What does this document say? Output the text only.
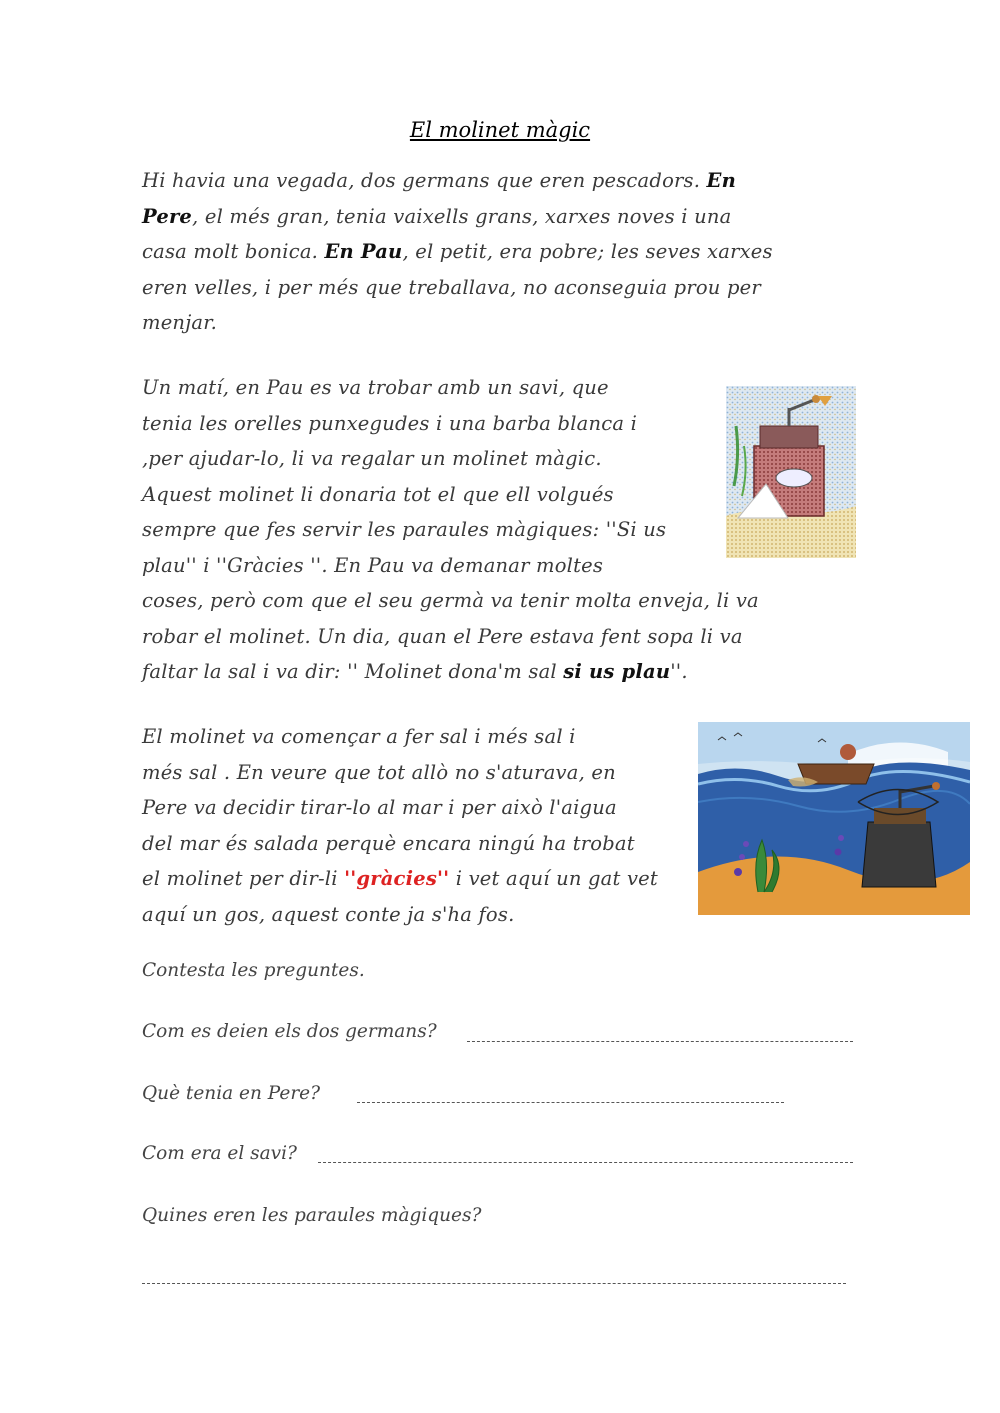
El molinet màgic
Hi havia una vegada, dos germans que eren pescadors. En
Pere, el més gran, tenia vaixells grans, xarxes noves i una
casa molt bonica. En Pau, el petit, era pobre; les seves xarxes
eren velles, i per més que treballava, no aconseguia prou per
menjar.
Un matí, en Pau es va trobar amb un savi, que
tenia les orelles punxegudes i una barba blanca i
,per ajudar-lo, li va regalar un molinet màgic.
Aquest molinet li donaria tot el que ell volgués
sempre que fes servir les paraules màgiques: ''Si us
plau'' i ''Gràcies ''. En Pau va demanar moltes
coses, però com que el seu germà va tenir molta enveja, li va
robar el molinet. Un dia, quan el Pere estava fent sopa li va
faltar la sal i va dir: '' Molinet dona'm sal si us plau''.
El molinet va començar a fer sal i més sal i
més sal . En veure que tot allò no s'aturava, en
Pere va decidir tirar-lo al mar i per això l'aigua
del mar és salada perquè encara ningú ha trobat
el molinet per dir-li ''gràcies'' i vet aquí un gat vet
aquí un gos, aquest conte ja s'ha fos.
Contesta les preguntes.
Com es deien els dos germans?
Què tenia en Pere?
Com era el savi?
Quines eren les paraules màgiques?
